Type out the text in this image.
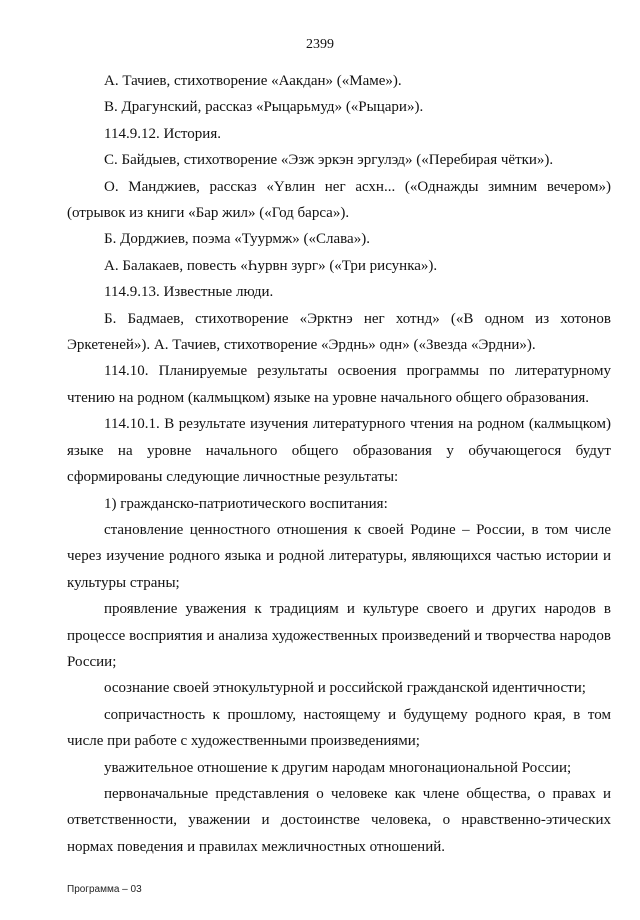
2399

А. Тачиев, стихотворение «Аакдан» («Маме»).

В. Драгунский, рассказ «Рыцарьмуд» («Рыцари»).

114.9.12. История.

С. Байдыев, стихотворение «Эзж эркэн эргулэд» («Перебирая чётки»).

О. Манджиев, рассказ «Үвлин нег асхн... («Однажды зимним вечером») (отрывок из книги «Бар жил» («Год барса»).

Б. Дорджиев, поэма «Туурмж» («Слава»).

А. Балакаев, повесть «Һурвн зург» («Три рисунка»).

114.9.13. Известные люди.

Б. Бадмаев, стихотворение «Эрктнэ нег хотнд» («В одном из хотонов Эркетеней»). А. Тачиев, стихотворение «Эрднь» одн» («Звезда «Эрдни»).

114.10. Планируемые результаты освоения программы по литературному чтению на родном (калмыцком) языке на уровне начального общего образования.

114.10.1. В результате изучения литературного чтения на родном (калмыцком) языке на уровне начального общего образования у обучающегося будут сформированы следующие личностные результаты:

1) гражданско-патриотического воспитания:

становление ценностного отношения к своей Родине – России, в том числе через изучение родного языка и родной литературы, являющихся частью истории и культуры страны;

проявление уважения к традициям и культуре своего и других народов в процессе восприятия и анализа художественных произведений и творчества народов России;

осознание своей этнокультурной и российской гражданской идентичности;

сопричастность к прошлому, настоящему и будущему родного края, в том числе при работе с художественными произведениями;

уважительное отношение к другим народам многонациональной России;

первоначальные представления о человеке как члене общества, о правах и ответственности, уважении и достоинстве человека, о нравственно-этических нормах поведения и правилах межличностных отношений.

Программа – 03
